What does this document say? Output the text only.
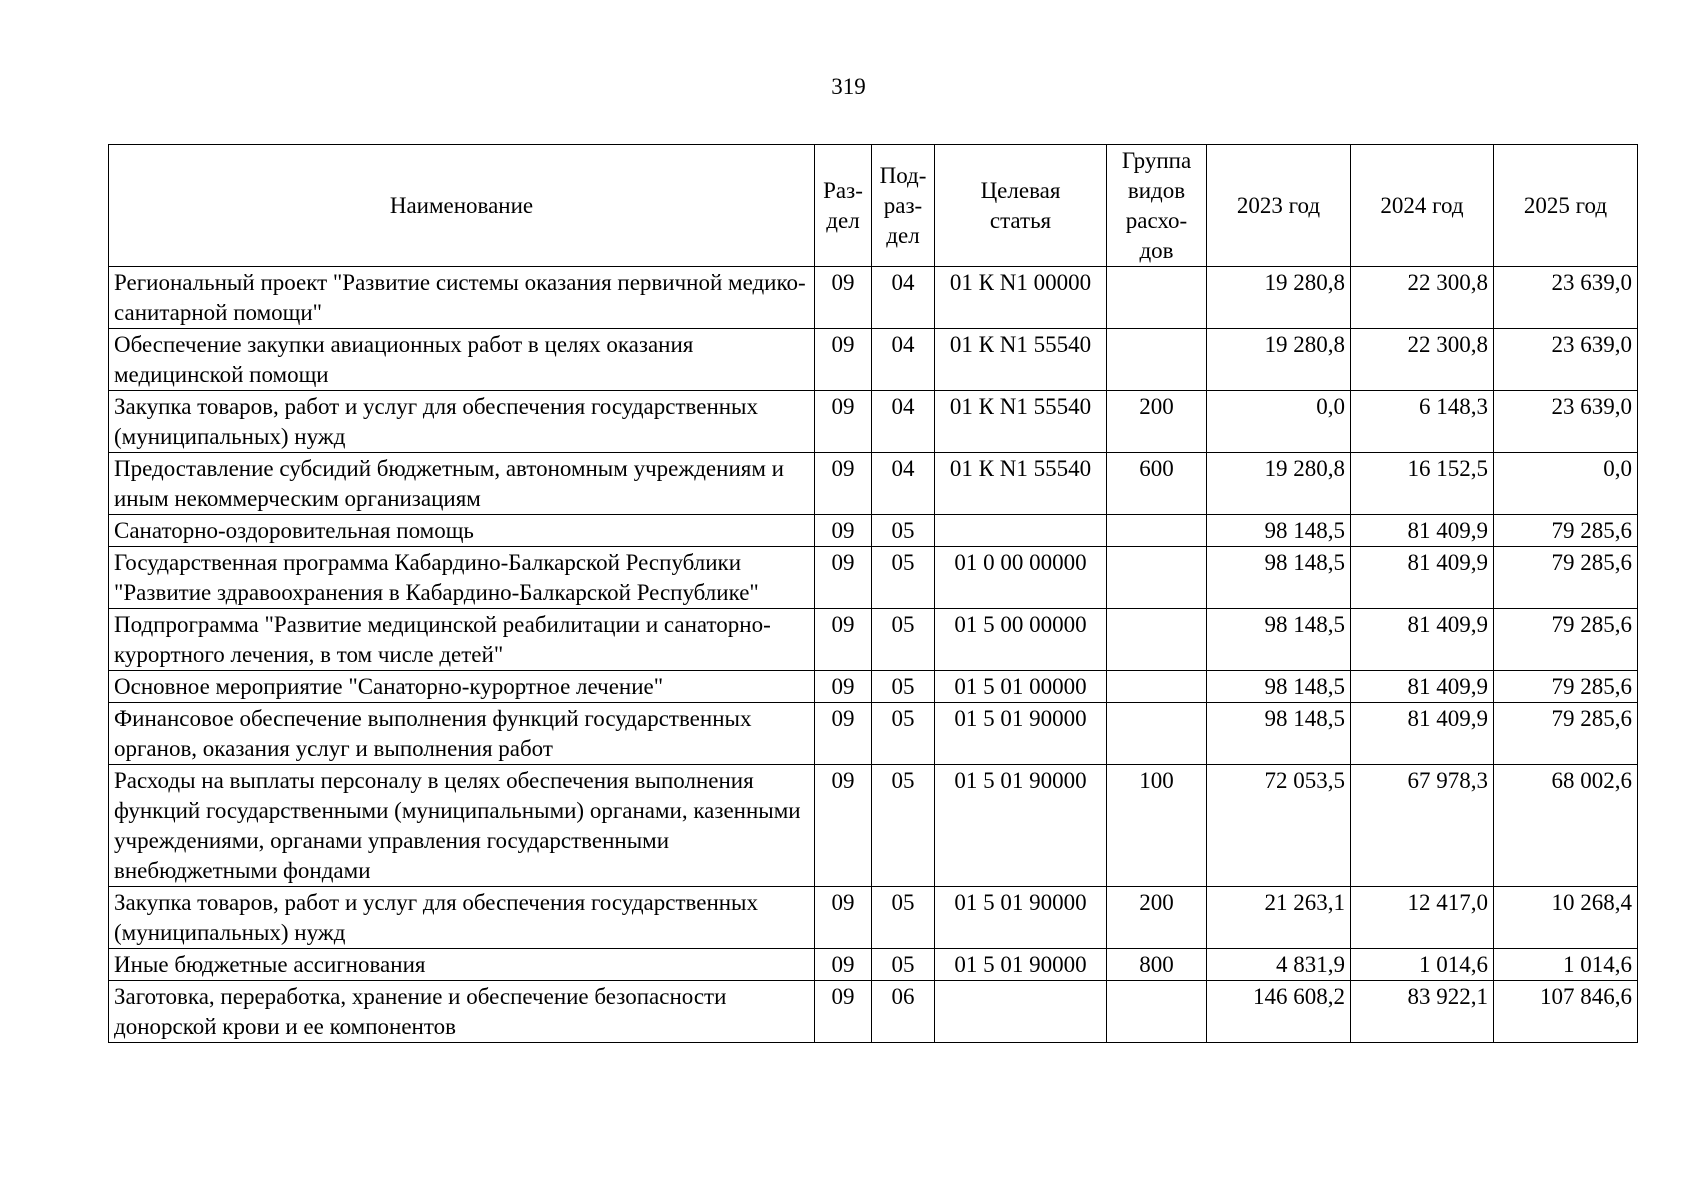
319
Наименование	Раз-дел	Под-раз-дел	Целевая статья	Группа видов расхо-дов	2023 год	2024 год	2025 год
Региональный проект "Развитие системы оказания первичной медико-санитарной помощи"	09	04	01 К N1 00000		19 280,8	22 300,8	23 639,0
Обеспечение закупки авиационных работ в целях оказания медицинской помощи	09	04	01 К N1 55540		19 280,8	22 300,8	23 639,0
Закупка товаров, работ и услуг для обеспечения государственных (муниципальных) нужд	09	04	01 К N1 55540	200	0,0	6 148,3	23 639,0
Предоставление субсидий бюджетным, автономным учреждениям и иным некоммерческим организациям	09	04	01 К N1 55540	600	19 280,8	16 152,5	0,0
Санаторно-оздоровительная помощь	09	05			98 148,5	81 409,9	79 285,6
Государственная программа Кабардино-Балкарской Республики "Развитие здравоохранения в Кабардино-Балкарской Республике"	09	05	01 0 00 00000		98 148,5	81 409,9	79 285,6
Подпрограмма "Развитие медицинской реабилитации и санаторно-курортного лечения, в том числе детей"	09	05	01 5 00 00000		98 148,5	81 409,9	79 285,6
Основное мероприятие "Санаторно-курортное лечение"	09	05	01 5 01 00000		98 148,5	81 409,9	79 285,6
Финансовое обеспечение выполнения функций государственных органов, оказания услуг и выполнения работ	09	05	01 5 01 90000		98 148,5	81 409,9	79 285,6
Расходы на выплаты персоналу в целях обеспечения выполнения функций государственными (муниципальными) органами, казенными учреждениями, органами управления государственными внебюджетными фондами	09	05	01 5 01 90000	100	72 053,5	67 978,3	68 002,6
Закупка товаров, работ и услуг для обеспечения государственных (муниципальных) нужд	09	05	01 5 01 90000	200	21 263,1	12 417,0	10 268,4
Иные бюджетные ассигнования	09	05	01 5 01 90000	800	4 831,9	1 014,6	1 014,6
Заготовка, переработка, хранение и обеспечение безопасности донорской крови и ее компонентов	09	06			146 608,2	83 922,1	107 846,6
